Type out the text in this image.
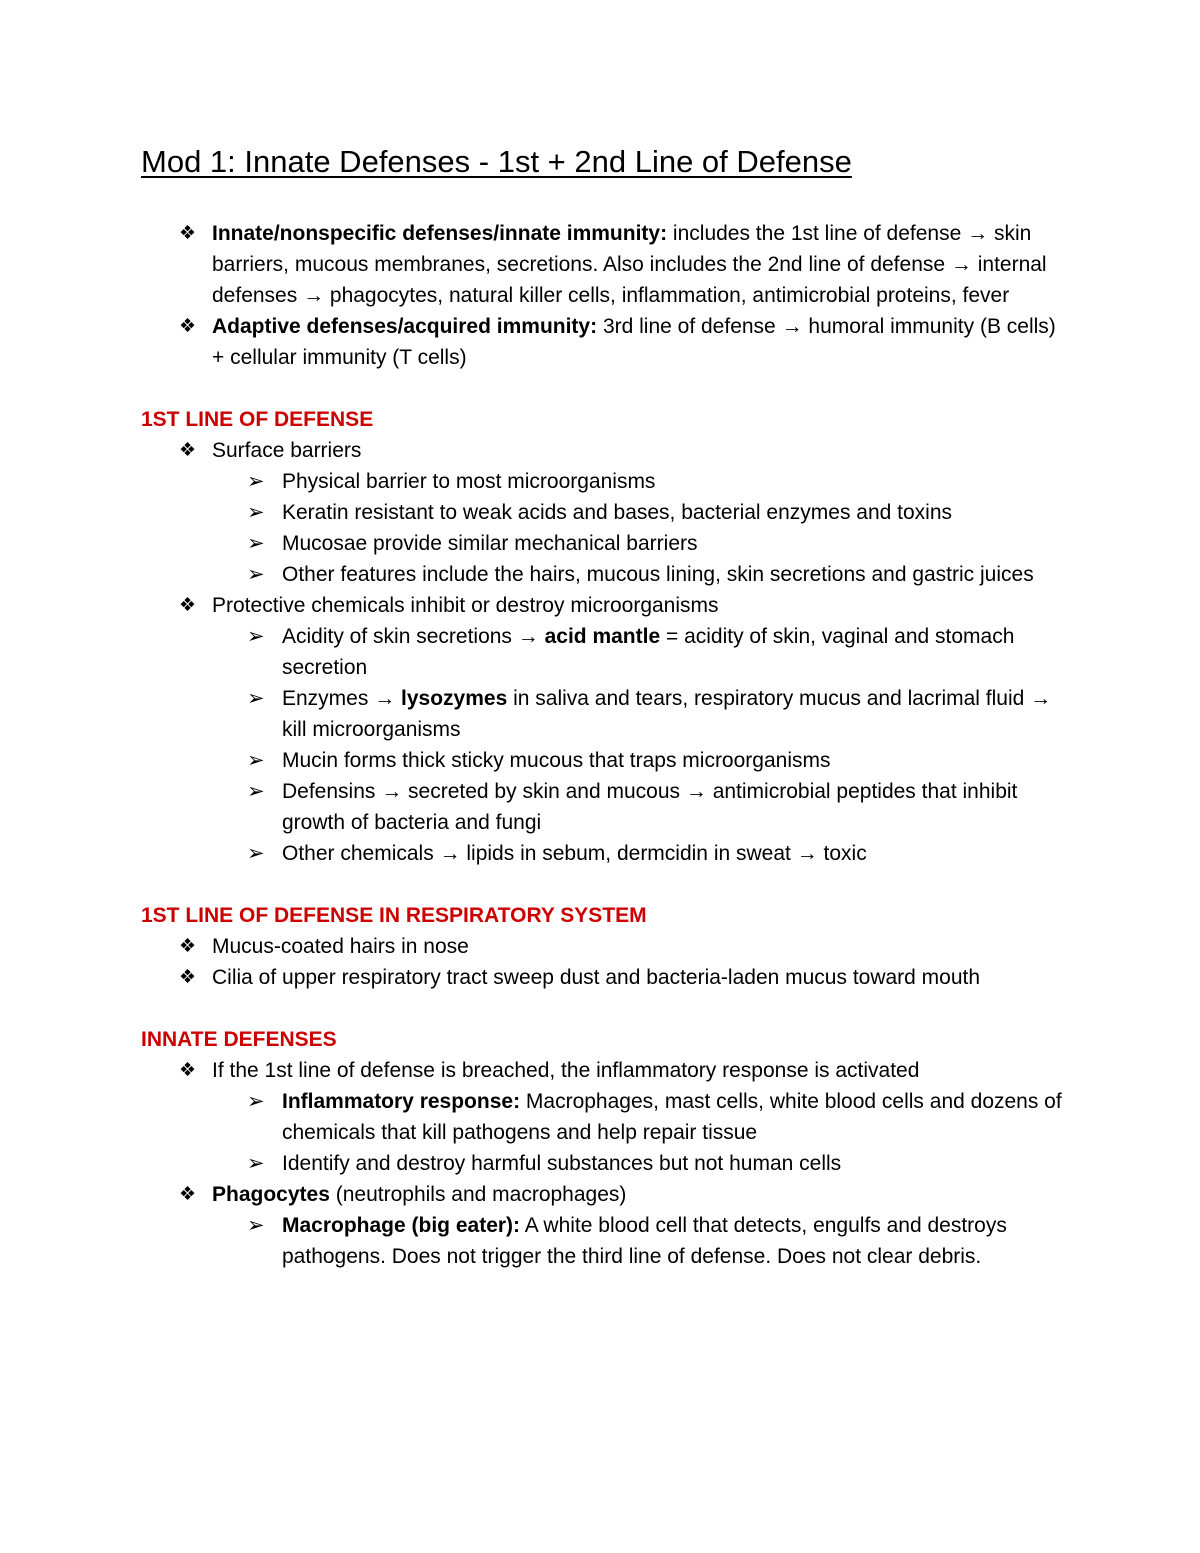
Mod 1: Innate Defenses - 1st + 2nd Line of Defense
❖ Innate/nonspecific defenses/innate immunity: includes the 1st line of defense → skin barriers, mucous membranes, secretions. Also includes the 2nd line of defense → internal defenses → phagocytes, natural killer cells, inflammation, antimicrobial proteins, fever
❖ Adaptive defenses/acquired immunity: 3rd line of defense → humoral immunity (B cells) + cellular immunity (T cells)
1ST LINE OF DEFENSE
❖ Surface barriers
➢ Physical barrier to most microorganisms
➢ Keratin resistant to weak acids and bases, bacterial enzymes and toxins
➢ Mucosae provide similar mechanical barriers
➢ Other features include the hairs, mucous lining, skin secretions and gastric juices
❖ Protective chemicals inhibit or destroy microorganisms
➢ Acidity of skin secretions → acid mantle = acidity of skin, vaginal and stomach secretion
➢ Enzymes → lysozymes in saliva and tears, respiratory mucus and lacrimal fluid → kill microorganisms
➢ Mucin forms thick sticky mucous that traps microorganisms
➢ Defensins → secreted by skin and mucous → antimicrobial peptides that inhibit growth of bacteria and fungi
➢ Other chemicals → lipids in sebum, dermcidin in sweat → toxic
1ST LINE OF DEFENSE IN RESPIRATORY SYSTEM
❖ Mucus-coated hairs in nose
❖ Cilia of upper respiratory tract sweep dust and bacteria-laden mucus toward mouth
INNATE DEFENSES
❖ If the 1st line of defense is breached, the inflammatory response is activated
➢ Inflammatory response: Macrophages, mast cells, white blood cells and dozens of chemicals that kill pathogens and help repair tissue
➢ Identify and destroy harmful substances but not human cells
❖ Phagocytes (neutrophils and macrophages)
➢ Macrophage (big eater): A white blood cell that detects, engulfs and destroys pathogens. Does not trigger the third line of defense. Does not clear debris.
